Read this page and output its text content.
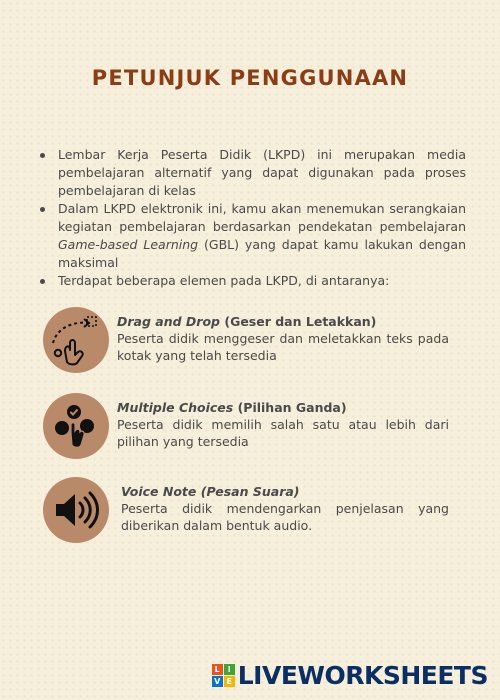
PETUNJUK PENGGUNAAN
Lembar Kerja Peserta Didik (LKPD) ini merupakan media pembelajaran alternatif yang dapat digunakan pada proses pembelajaran di kelas
Dalam LKPD elektronik ini, kamu akan menemukan serangkaian kegiatan pembelajaran berdasarkan pendekatan pembelajaran Game-based Learning (GBL) yang dapat kamu lakukan dengan maksimal
Terdapat beberapa elemen pada LKPD, di antaranya:
Drag and Drop (Geser dan Letakkan)
Peserta didik menggeser dan meletakkan teks pada kotak yang telah tersedia
Multiple Choices (Pilihan Ganda)
Peserta didik memilih salah satu atau lebih dari pilihan yang tersedia
Voice Note (Pesan Suara)
Peserta didik mendengarkan penjelasan yang diberikan dalam bentuk audio.
L I
V E LIVEWORKSHEETS
